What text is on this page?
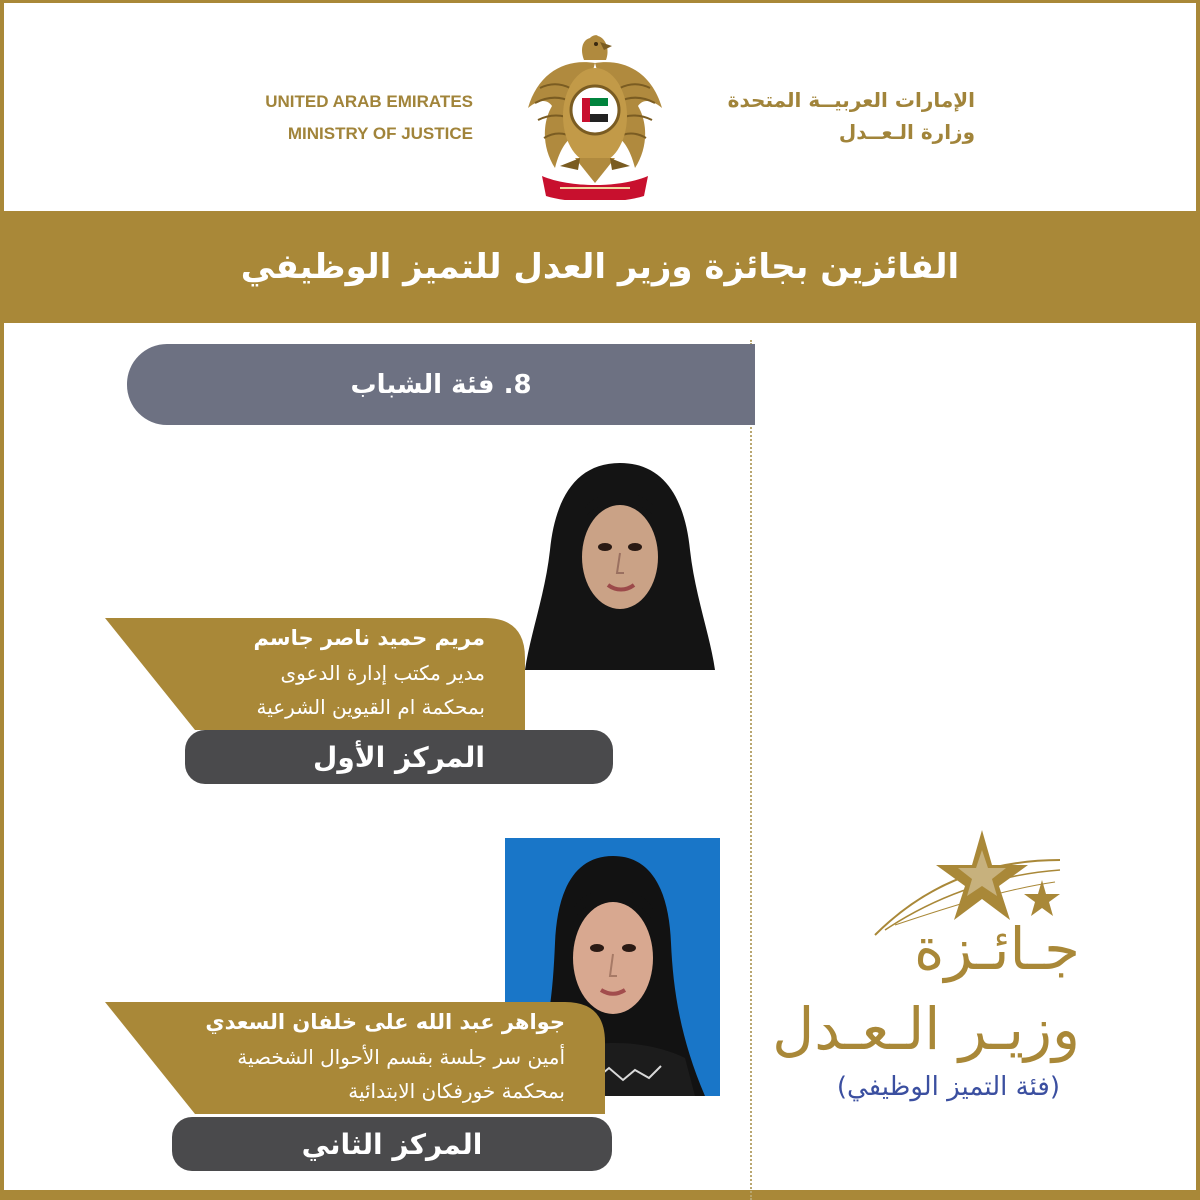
UNITED ARAB EMIRATES
MINISTRY OF JUSTICE
الإمارات العربيــة المتحدة
وزارة الـعــدل
الفائزين بجائزة وزير العدل للتميز الوظيفي
8. فئة الشباب
مريم حميد ناصر جاسم
مدير مكتب إدارة الدعوى
بمحكمة ام القيوين الشرعية
المركز الأول
جواهر عبد الله على خلفان السعدي
أمين سر جلسة بقسم الأحوال الشخصية
بمحكمة خورفكان الابتدائية
المركز الثاني
جـائـزة
وزيـر الـعـدل
(فئة التميز الوظيفي)
